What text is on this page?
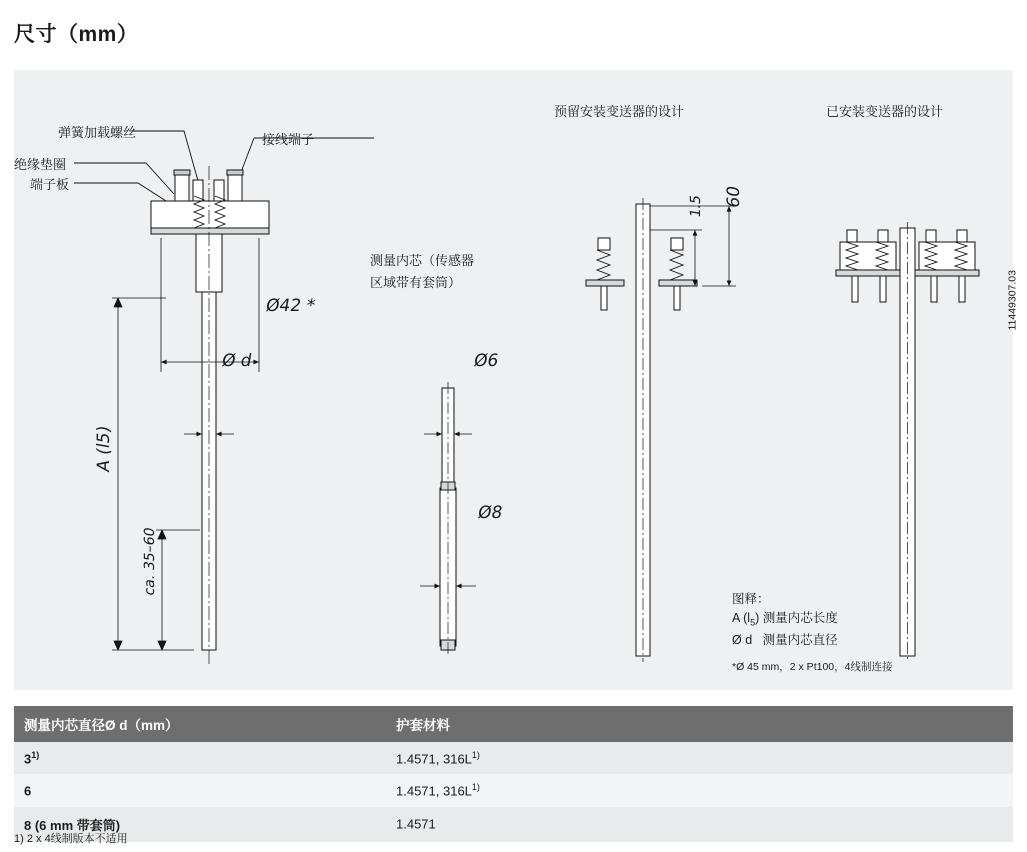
尺寸（mm）
弹簧加载螺丝
绝缘垫圈
端子板
接线端子
Ø42 *
Ø d
A (l5)
ca. 35–60
Ø6
Ø8
1.5 60
测量内芯（传感器
区域带有套筒）
预留安装变送器的设计	已安装变送器的设计
图释：
A $(l_5)$ 测量内芯长度
Ø d 测量内芯直径
*Ø 45 mm，2 x Pt100，4线制连接
11449307.03
测量内芯直径Ø d（mm）	护套材料
3$^{1)}$	1.4571, $316L^{1)}$
6	1.4571, $316L^{1)}$
8 (6 mm 带套筒)	1.4571
1) 2 x 4线制版本不适用
